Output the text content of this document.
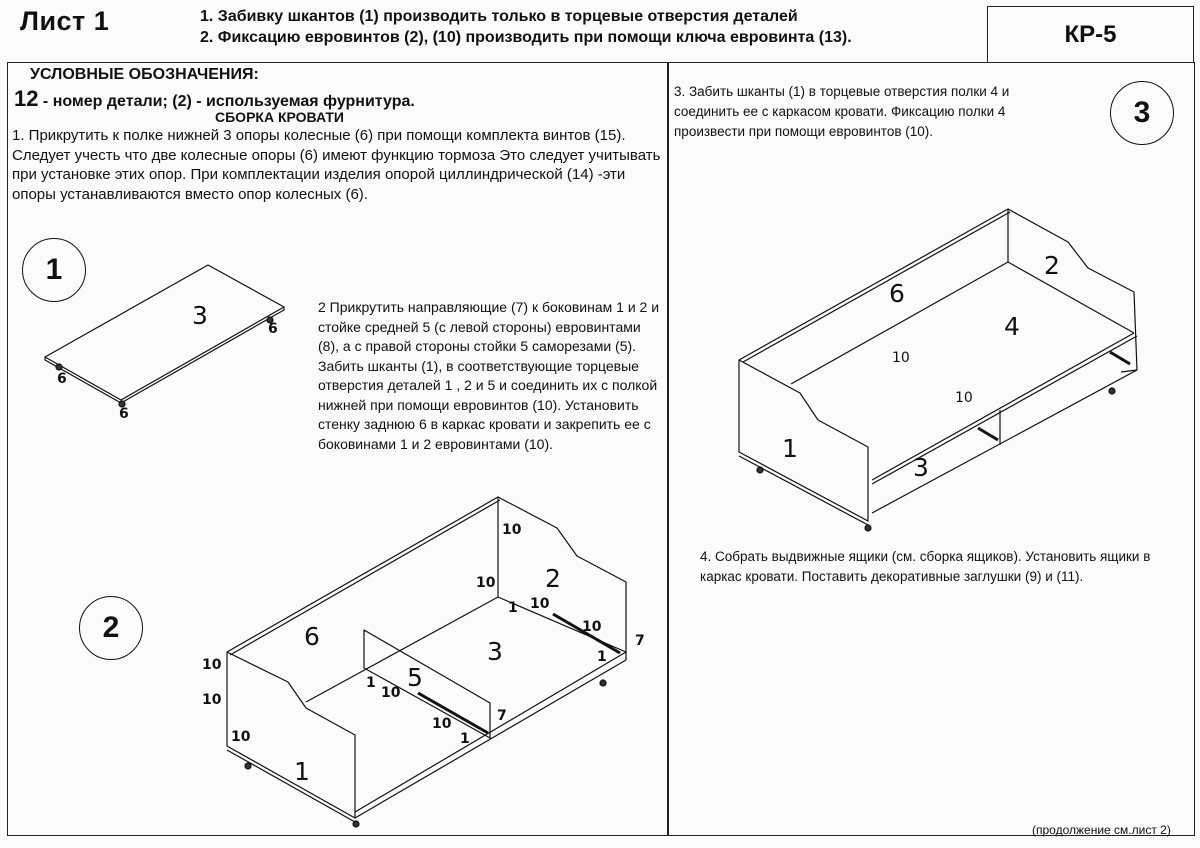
Лист 1	1. Забивку шкантов (1) производить только в торцевые отверстия деталей
2. Фиксацию евровинтов (2), (10) производить при помощи ключа евровинта (13).	КР-5
УСЛОВНЫЕ ОБОЗНАЧЕНИЯ:
12 - номер детали; (2) - используемая фурнитура.
СБОРКА КРОВАТИ
1. Прикрутить к полке нижней 3 опоры колесные (6) при помощи комплекта винтов (15). Следует учесть что две колесные опоры (6) имеют функцию тормоза Это следует учитывать при установке этих опор. При комплектации изделия опорой циллиндрической (14) -эти опоры устанавливаются вместо опор колесных (6).
2 Прикрутить направляющие (7) к боковинам 1 и 2 и стойке средней 5 (с левой стороны) евровинтами (8), а с правой стороны стойки 5 саморезами (5). Забить шканты (1), в соответствующие торцевые отверстия деталей 1 , 2 и 5 и соединить их с полкой нижней при помощи евровинтов (10). Установить стенку заднюю 6 в каркас кровати и закрепить ее с боковинами 1 и 2 евровинтами (10).
3. Забить шканты (1) в торцевые отверстия полки 4 и соединить ее с каркасом кровати. Фиксацию полки 4 произвести при помощи евровинтов (10).
4. Собрать выдвижные ящики (см. сборка ящиков). Установить ящики в каркас кровати. Поставить декоративные заглушки (9) и (11).
(продолжение см.лист 2)
1
2
3
3
6
6
6
1
2
3
5
6
10
10
10
10
10
10
10
10
10
1
1
1
1
7
7
1
2
3
4
6
10
10
